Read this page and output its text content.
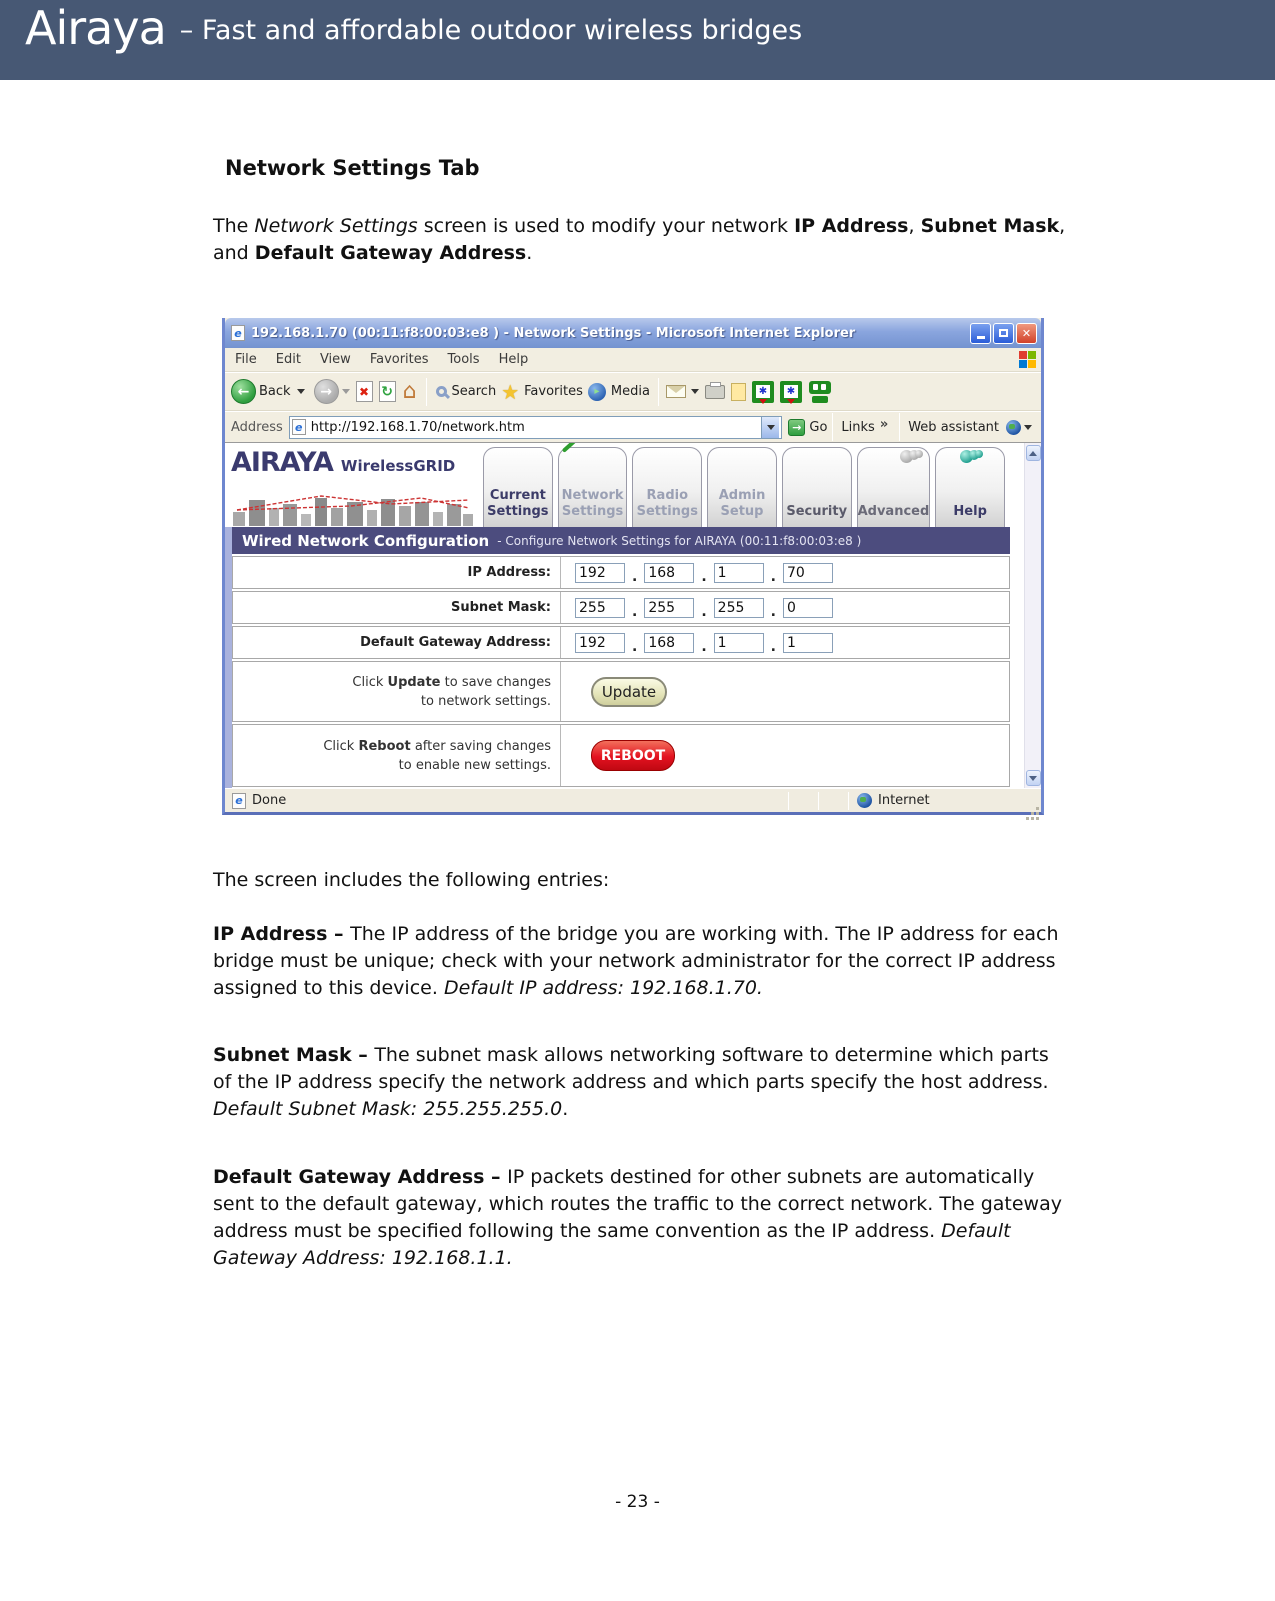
Airaya – Fast and affordable outdoor wireless bridges
Network Settings Tab

The Network Settings screen is used to modify your network IP Address, Subnet Mask, and Default Gateway Address.

e 192.168.1.70 (00:11:f8:00:03:e8 ) - Network Settings - Microsoft Internet Explorer	✕
File Edit View Favorites Tools Help
← Back	→	✖ ↻ ⌂	Search ★ Favorites	▸ Media	✱ ✱
Address e http://192.168.1.70/network.htm	→ Go Links » Web assistant
AIRAYA WirelessGRID
Current
Settings
Network
Settings
Radio
Settings
Admin
Setup Security Advanced Help
Wired Network Configuration - Configure Network Settings for AIRAYA (00:11:f8:00:03:e8 )
IP Address:
192	.
168	.
1	.
70
Subnet Mask:
255	.
255	.
255	.
0
Default Gateway Address:
192	.
168	.
1	.
1
Click Update to save changes
to network settings.
Update
Click Reboot after saving changes
to enable new settings.
REBOOT
e Done	Internet

The screen includes the following entries:

IP Address – The IP address of the bridge you are working with. The IP address for each bridge must be unique; check with your network administrator for the correct IP address assigned to this device. Default IP address: 192.168.1.70.

Subnet Mask – The subnet mask allows networking software to determine which parts of the IP address specify the network address and which parts specify the host address. Default Subnet Mask: 255.255.255.0.

Default Gateway Address – IP packets destined for other subnets are automatically sent to the default gateway, which routes the traffic to the correct network. The gateway address must be specified following the same convention as the IP address. Default Gateway Address: 192.168.1.1.

- 23 -
